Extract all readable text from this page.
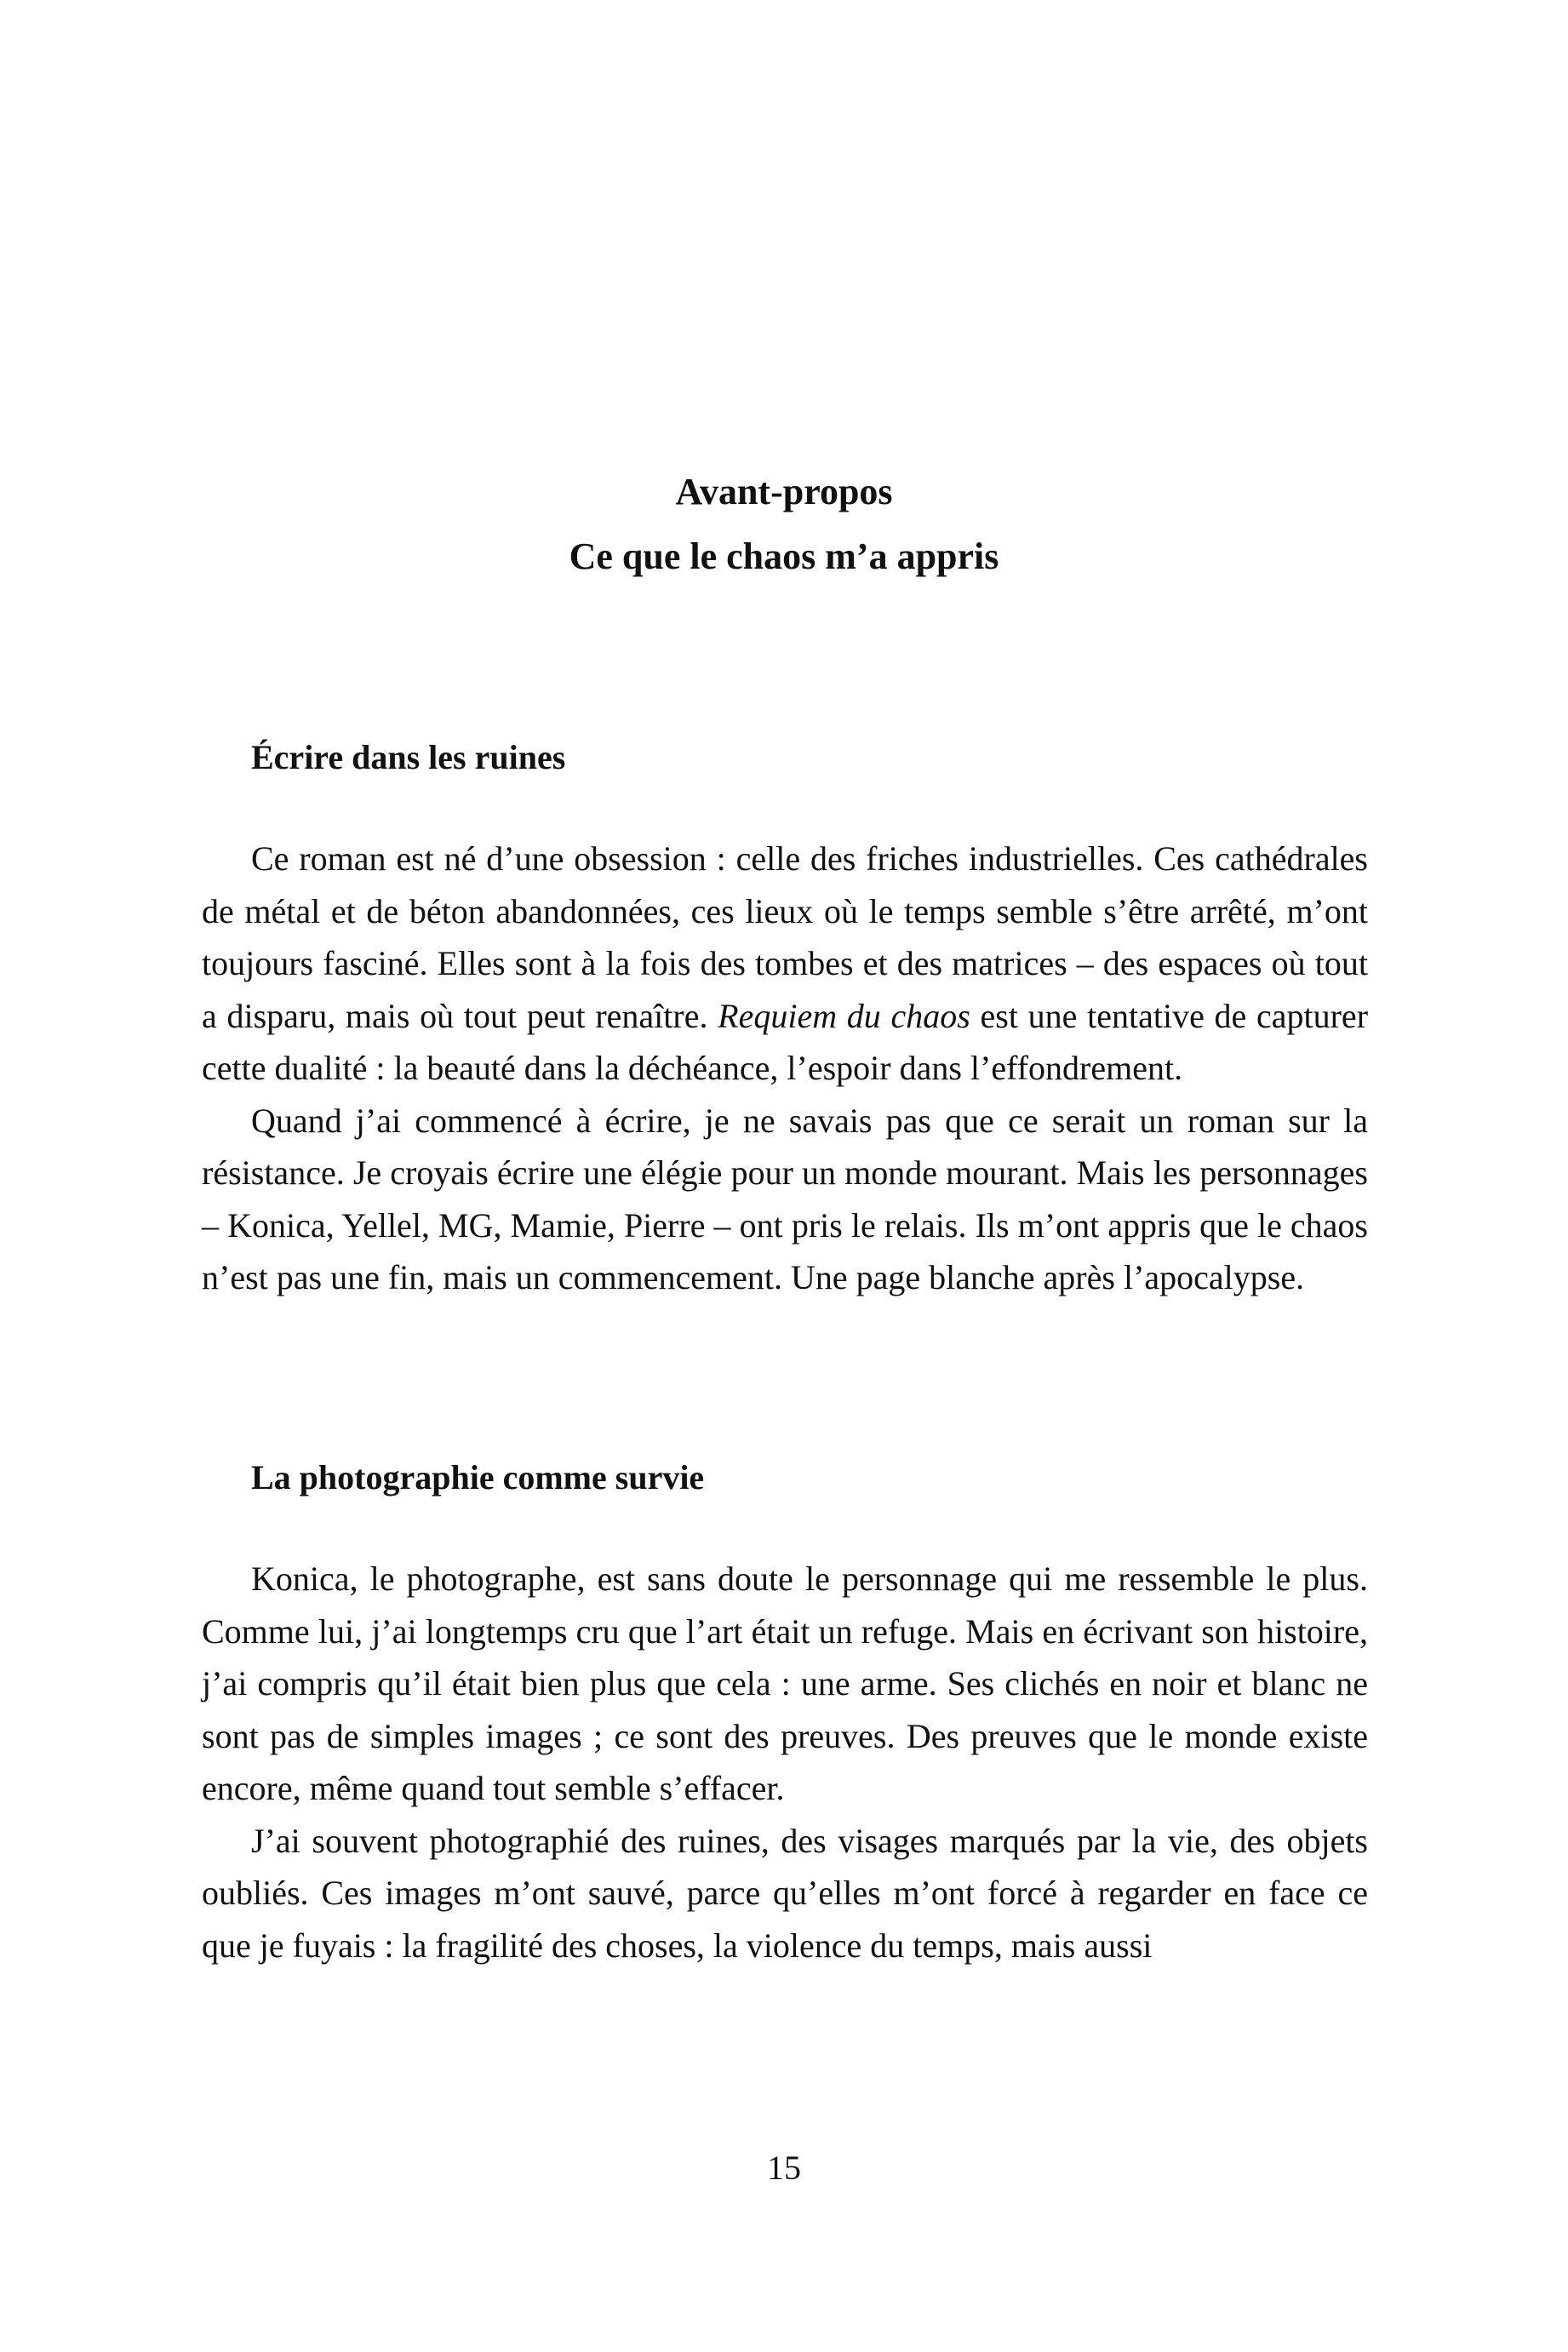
Avant-propos
Ce que le chaos m’a appris
Écrire dans les ruines

Ce roman est né d’une obsession : celle des friches industrielles. Ces cathédrales de métal et de béton abandonnées, ces lieux où le temps semble s’être arrêté, m’ont toujours fasciné. Elles sont à la fois des tombes et des matrices – des espaces où tout a disparu, mais où tout peut renaître. Requiem du chaos est une tentative de capturer cette dualité : la beauté dans la déchéance, l’espoir dans l’effondrement.

Quand j’ai commencé à écrire, je ne savais pas que ce serait un roman sur la résistance. Je croyais écrire une élégie pour un monde mourant. Mais les personnages – Konica, Yellel, MG, Mamie, Pierre – ont pris le relais. Ils m’ont appris que le chaos n’est pas une fin, mais un commencement. Une page blanche après l’apocalypse.

La photographie comme survie

Konica, le photographe, est sans doute le personnage qui me ressemble le plus. Comme lui, j’ai longtemps cru que l’art était un refuge. Mais en écrivant son histoire, j’ai compris qu’il était bien plus que cela : une arme. Ses clichés en noir et blanc ne sont pas de simples images ; ce sont des preuves. Des preuves que le monde existe encore, même quand tout semble s’effacer.

J’ai souvent photographié des ruines, des visages marqués par la vie, des objets oubliés. Ces images m’ont sauvé, parce qu’elles m’ont forcé à regarder en face ce que je fuyais : la fragilité des choses, la violence du temps, mais aussi

15
